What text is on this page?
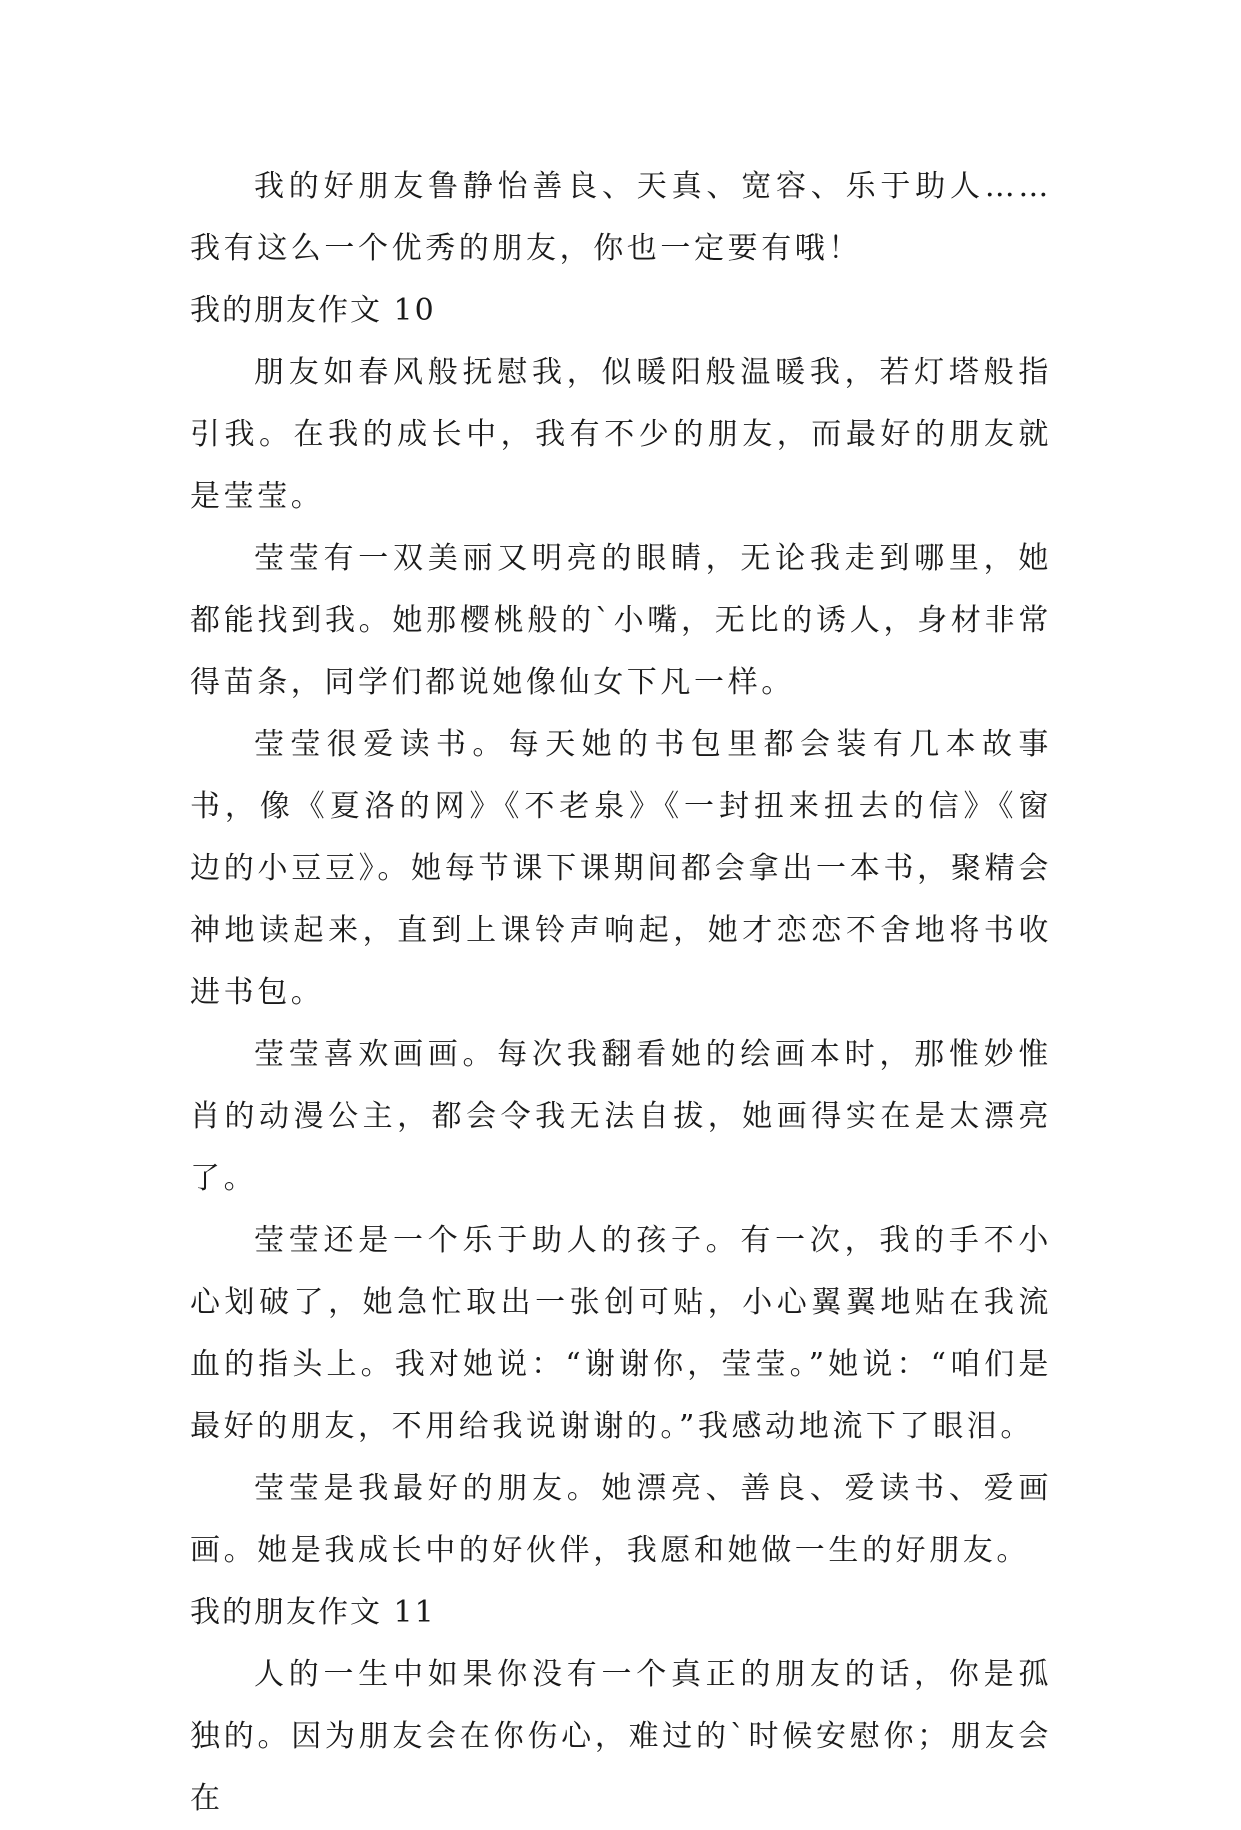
我的好朋友鲁静怡善良、天真、宽容、乐于助人……我有这么一个优秀的朋友，你也一定要有哦！

我的朋友作文 10

朋友如春风般抚慰我，似暖阳般温暖我，若灯塔般指引我。在我的成长中，我有不少的朋友，而最好的朋友就是莹莹。

莹莹有一双美丽又明亮的眼睛，无论我走到哪里，她都能找到我。她那樱桃般的`小嘴，无比的诱人，身材非常得苗条，同学们都说她像仙女下凡一样。

莹莹很爱读书。每天她的书包里都会装有几本故事书，像《夏洛的网》《不老泉》《一封扭来扭去的信》《窗边的小豆豆》。她每节课下课期间都会拿出一本书，聚精会神地读起来，直到上课铃声响起，她才恋恋不舍地将书收进书包。

莹莹喜欢画画。每次我翻看她的绘画本时，那惟妙惟肖的动漫公主，都会令我无法自拔，她画得实在是太漂亮了。

莹莹还是一个乐于助人的孩子。有一次，我的手不小心划破了，她急忙取出一张创可贴，小心翼翼地贴在我流血的指头上。我对她说：“谢谢你，莹莹。”她说：“咱们是最好的朋友，不用给我说谢谢的。”我感动地流下了眼泪。

莹莹是我最好的朋友。她漂亮、善良、爱读书、爱画画。她是我成长中的好伙伴，我愿和她做一生的好朋友。

我的朋友作文 11

人的一生中如果你没有一个真正的朋友的话，你是孤独的。因为朋友会在你伤心，难过的`时候安慰你；朋友会在
